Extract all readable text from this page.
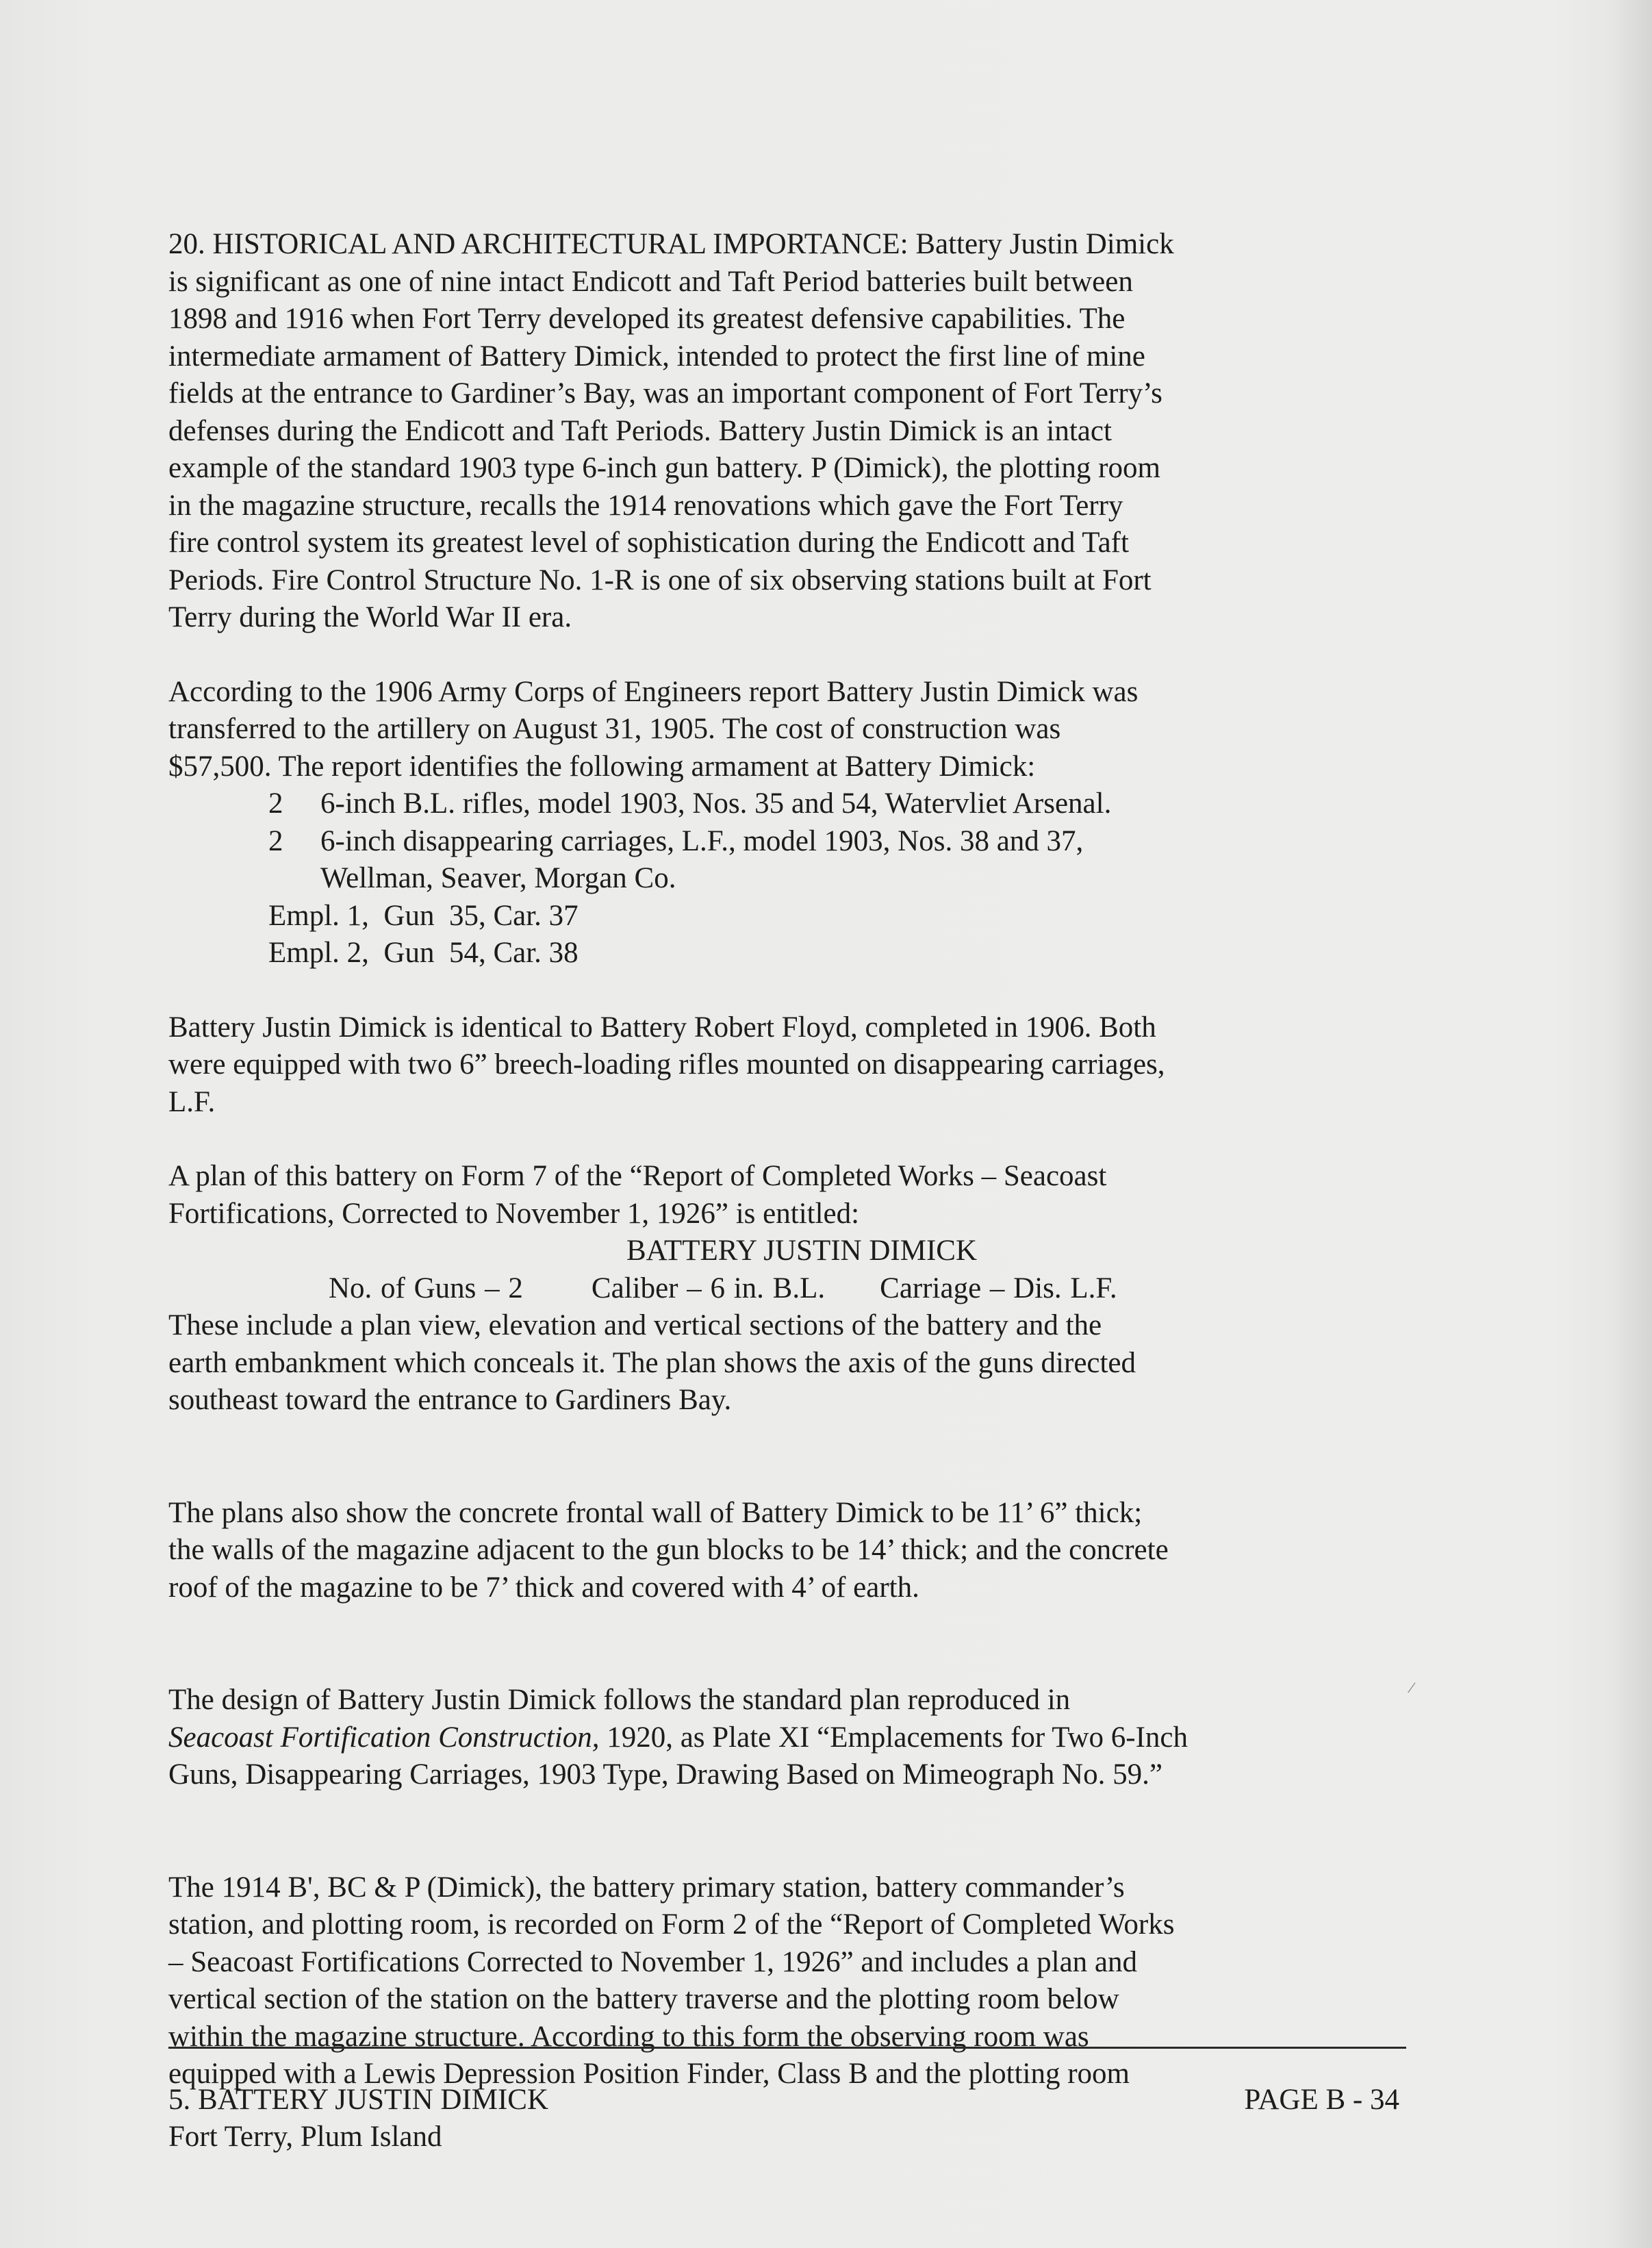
20. HISTORICAL AND ARCHITECTURAL IMPORTANCE: Battery Justin Dimick

is significant as one of nine intact Endicott and Taft Period batteries built between

1898 and 1916 when Fort Terry developed its greatest defensive capabilities. The

intermediate armament of Battery Dimick, intended to protect the first line of mine

fields at the entrance to Gardiner’s Bay, was an important component of Fort Terry’s

defenses during the Endicott and Taft Periods. Battery Justin Dimick is an intact

example of the standard 1903 type 6-inch gun battery. P (Dimick), the plotting room

in the magazine structure, recalls the 1914 renovations which gave the Fort Terry

fire control system its greatest level of sophistication during the Endicott and Taft

Periods. Fire Control Structure No. 1-R is one of six observing stations built at Fort

Terry during the World War II era.

According to the 1906 Army Corps of Engineers report Battery Justin Dimick was

transferred to the artillery on August 31, 1905. The cost of construction was

$57,500. The report identifies the following armament at Battery Dimick:

2	6-inch B.L. rifles, model 1903, Nos. 35 and 54, Watervliet Arsenal.
2	6-inch disappearing carriages, L.F., model 1903, Nos. 38 and 37,

Wellman, Seaver, Morgan Co.

Empl. 1,  Gun  35, Car. 37

Empl. 2,  Gun  54, Car. 38

Battery Justin Dimick is identical to Battery Robert Floyd, completed in 1906. Both

were equipped with two 6” breech-loading rifles mounted on disappearing carriages,

L.F.

A plan of this battery on Form 7 of the “Report of Completed Works – Seacoast

Fortifications, Corrected to November 1, 1926” is entitled:

BATTERY JUSTIN DIMICK

No. of Guns – 2 Caliber – 6 in. B.L. Carriage – Dis. L.F.

These include a plan view, elevation and vertical sections of the battery and the

earth embankment which conceals it. The plan shows the axis of the guns directed

southeast toward the entrance to Gardiners Bay.

The plans also show the concrete frontal wall of Battery Dimick to be 11’ 6” thick;

the walls of the magazine adjacent to the gun blocks to be 14’ thick; and the concrete

roof of the magazine to be 7’ thick and covered with 4’ of earth.

The design of Battery Justin Dimick follows the standard plan reproduced in

Seacoast Fortification Construction, 1920, as Plate XI “Emplacements for Two 6-Inch

Guns, Disappearing Carriages, 1903 Type, Drawing Based on Mimeograph No. 59.”

The 1914 B', BC & P (Dimick), the battery primary station, battery commander’s

station, and plotting room, is recorded on Form 2 of the “Report of Completed Works

– Seacoast Fortifications Corrected to November 1, 1926” and includes a plan and

vertical section of the station on the battery traverse and the plotting room below

within the magazine structure. According to this form the observing room was

equipped with a Lewis Depression Position Finder, Class B and the plotting room

⁄
5. BATTERY JUSTIN DIMICK
Fort Terry, Plum Island
PAGE B - 34
